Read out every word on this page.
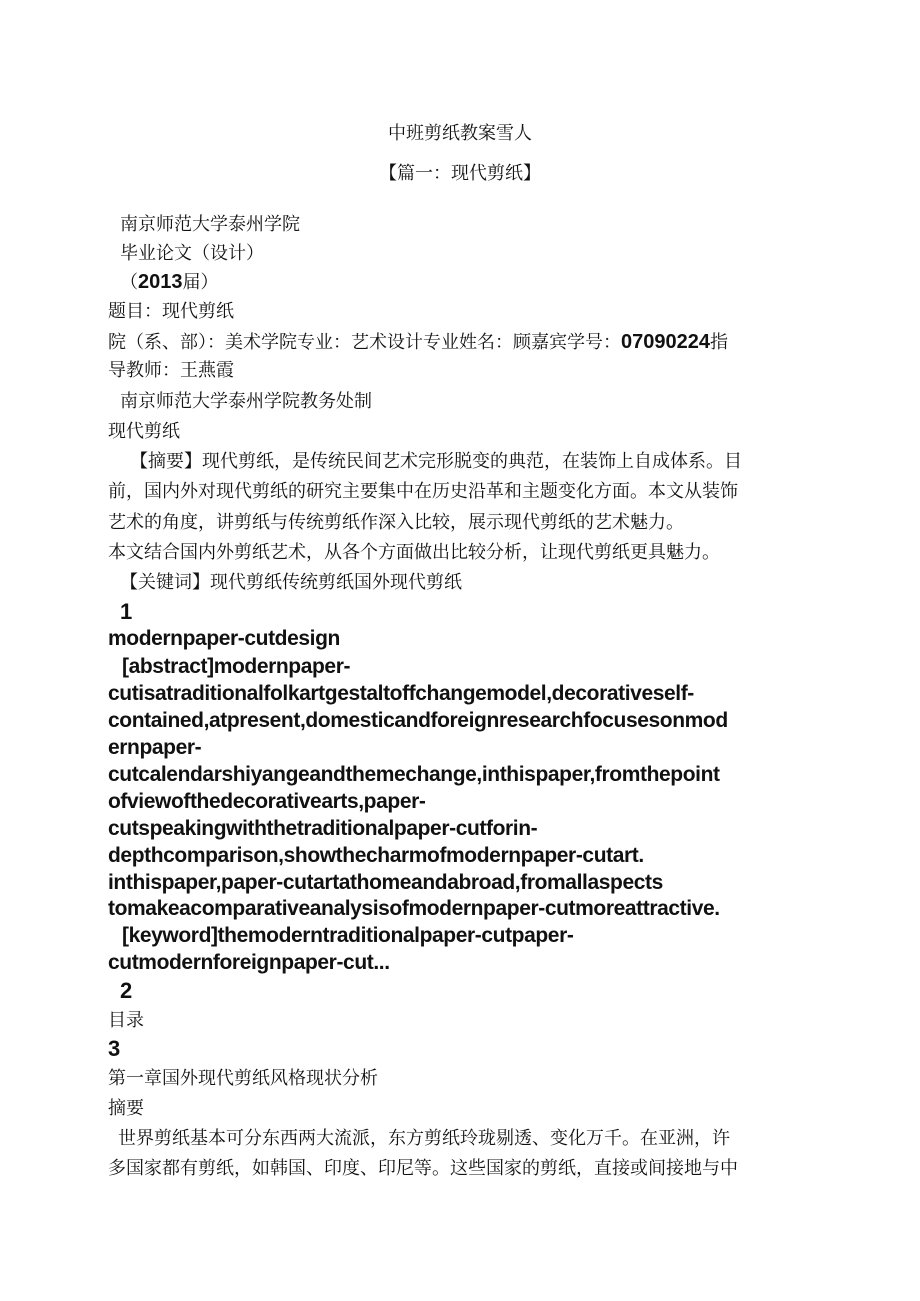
中班剪纸教案雪人
【篇一：现代剪纸】
南京师范大学泰州学院
毕业论文（设计）
（2013届）
题目：现代剪纸
院（系、部）：美术学院专业：艺术设计专业姓名：顾嘉宾学号：07090224指
导教师：王燕霞
南京师范大学泰州学院教务处制
现代剪纸
【摘要】现代剪纸，是传统民间艺术完形脱变的典范，在装饰上自成体系。目
前，国内外对现代剪纸的研究主要集中在历史沿革和主题变化方面。本文从装饰
艺术的角度，讲剪纸与传统剪纸作深入比较，展示现代剪纸的艺术魅力。
本文结合国内外剪纸艺术，从各个方面做出比较分析，让现代剪纸更具魅力。
【关键词】现代剪纸传统剪纸国外现代剪纸
1
modernpaper-cutdesign
[abstract]modernpaper-
cutisatraditionalfolkartgestaltoffchangemodel,decorativeself-
contained,atpresent,domesticandforeignresearchfocusesonmod
ernpaper-
cutcalendarshiyangeandthemechange,inthispaper,fromthepoint
ofviewofthedecorativearts,paper-
cutspeakingwiththetraditionalpaper-cutforin-
depthcomparison,showthecharmofmodernpaper-cutart.
inthispaper,paper-cutartathomeandabroad,fromallaspects
tomakeacomparativeanalysisofmodernpaper-cutmoreattractive.
[keyword]themoderntraditionalpaper-cutpaper-
cutmodernforeignpaper-cut...
2
目录
3
第一章国外现代剪纸风格现状分析
摘要
世界剪纸基本可分东西两大流派，东方剪纸玲珑剔透、变化万千。在亚洲，许
多国家都有剪纸，如韩国、印度、印尼等。这些国家的剪纸，直接或间接地与中
